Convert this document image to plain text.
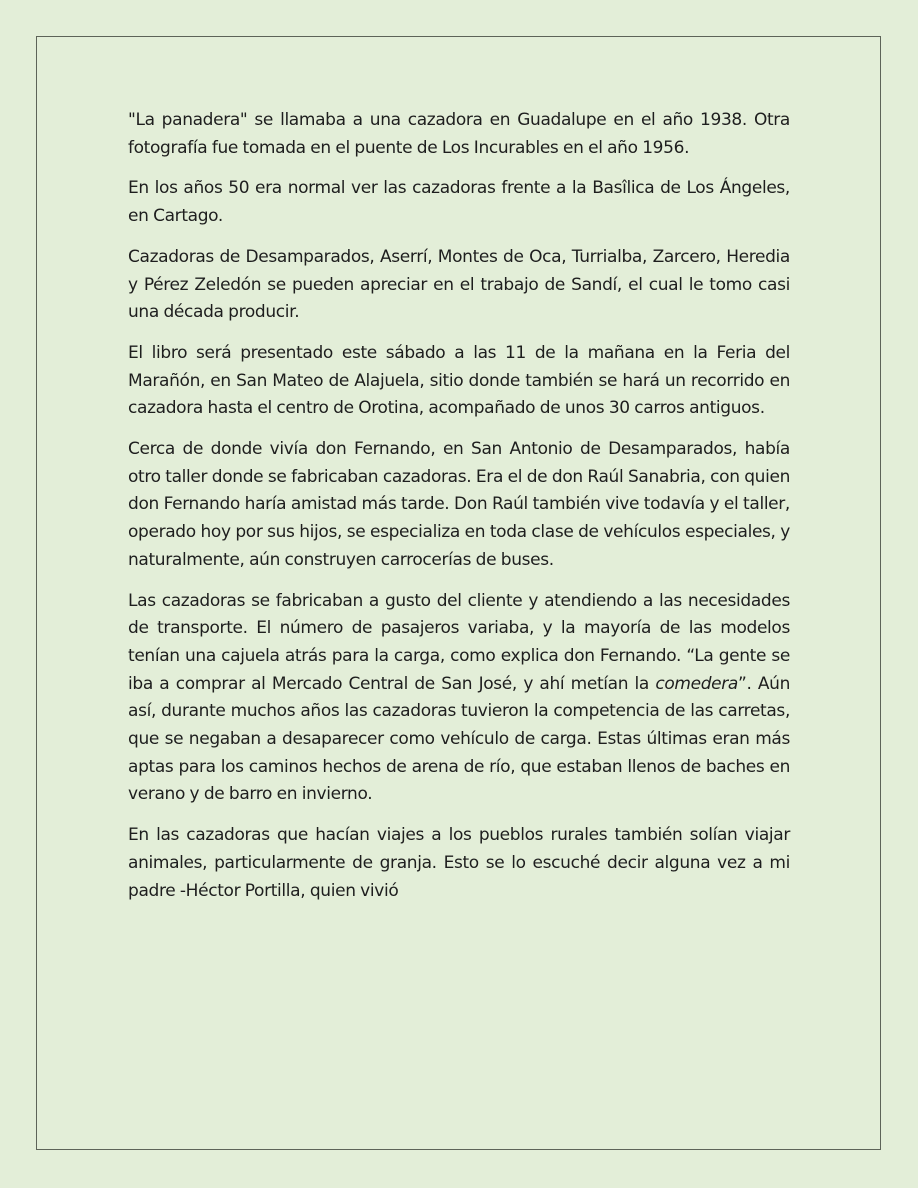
"La panadera" se llamaba a una cazadora en Guadalupe en el año 1938. Otra fotografía fue tomada en el puente de Los Incurables en el año 1956.

En los años 50 era normal ver las cazadoras frente a la Basîlica de Los Ángeles, en Cartago.

Cazadoras de Desamparados, Aserrí, Montes de Oca, Turrialba, Zarcero, Heredia y Pérez Zeledón se pueden apreciar en el trabajo de Sandí, el cual le tomo casi una década producir.

El libro será presentado este sábado a las 11 de la mañana en la Feria del Marañón, en San Mateo de Alajuela, sitio donde también se hará un recorrido en cazadora hasta el centro de Orotina, acompañado de unos 30 carros antiguos.

Cerca de donde vivía don Fernando, en San Antonio de Desamparados, había otro taller donde se fabricaban cazadoras. Era el de don Raúl Sanabria, con quien don Fernando haría amistad más tarde. Don Raúl también vive todavía y el taller, operado hoy por sus hijos, se especializa en toda clase de vehículos especiales, y naturalmente, aún construyen carrocerías de buses.

Las cazadoras se fabricaban a gusto del cliente y atendiendo a las necesidades de transporte. El número de pasajeros variaba, y la mayoría de las modelos tenían una cajuela atrás para la carga, como explica don Fernando. “La gente se iba a comprar al Mercado Central de San José, y ahí metían la comedera”. Aún así, durante muchos años las cazadoras tuvieron la competencia de las carretas, que se negaban a desaparecer como vehículo de carga. Estas últimas eran más aptas para los caminos hechos de arena de río, que estaban llenos de baches en verano y de barro en invierno.

En las cazadoras que hacían viajes a los pueblos rurales también solían viajar animales, particularmente de granja. Esto se lo escuché decir alguna vez a mi padre -Héctor Portilla, quien vivió
